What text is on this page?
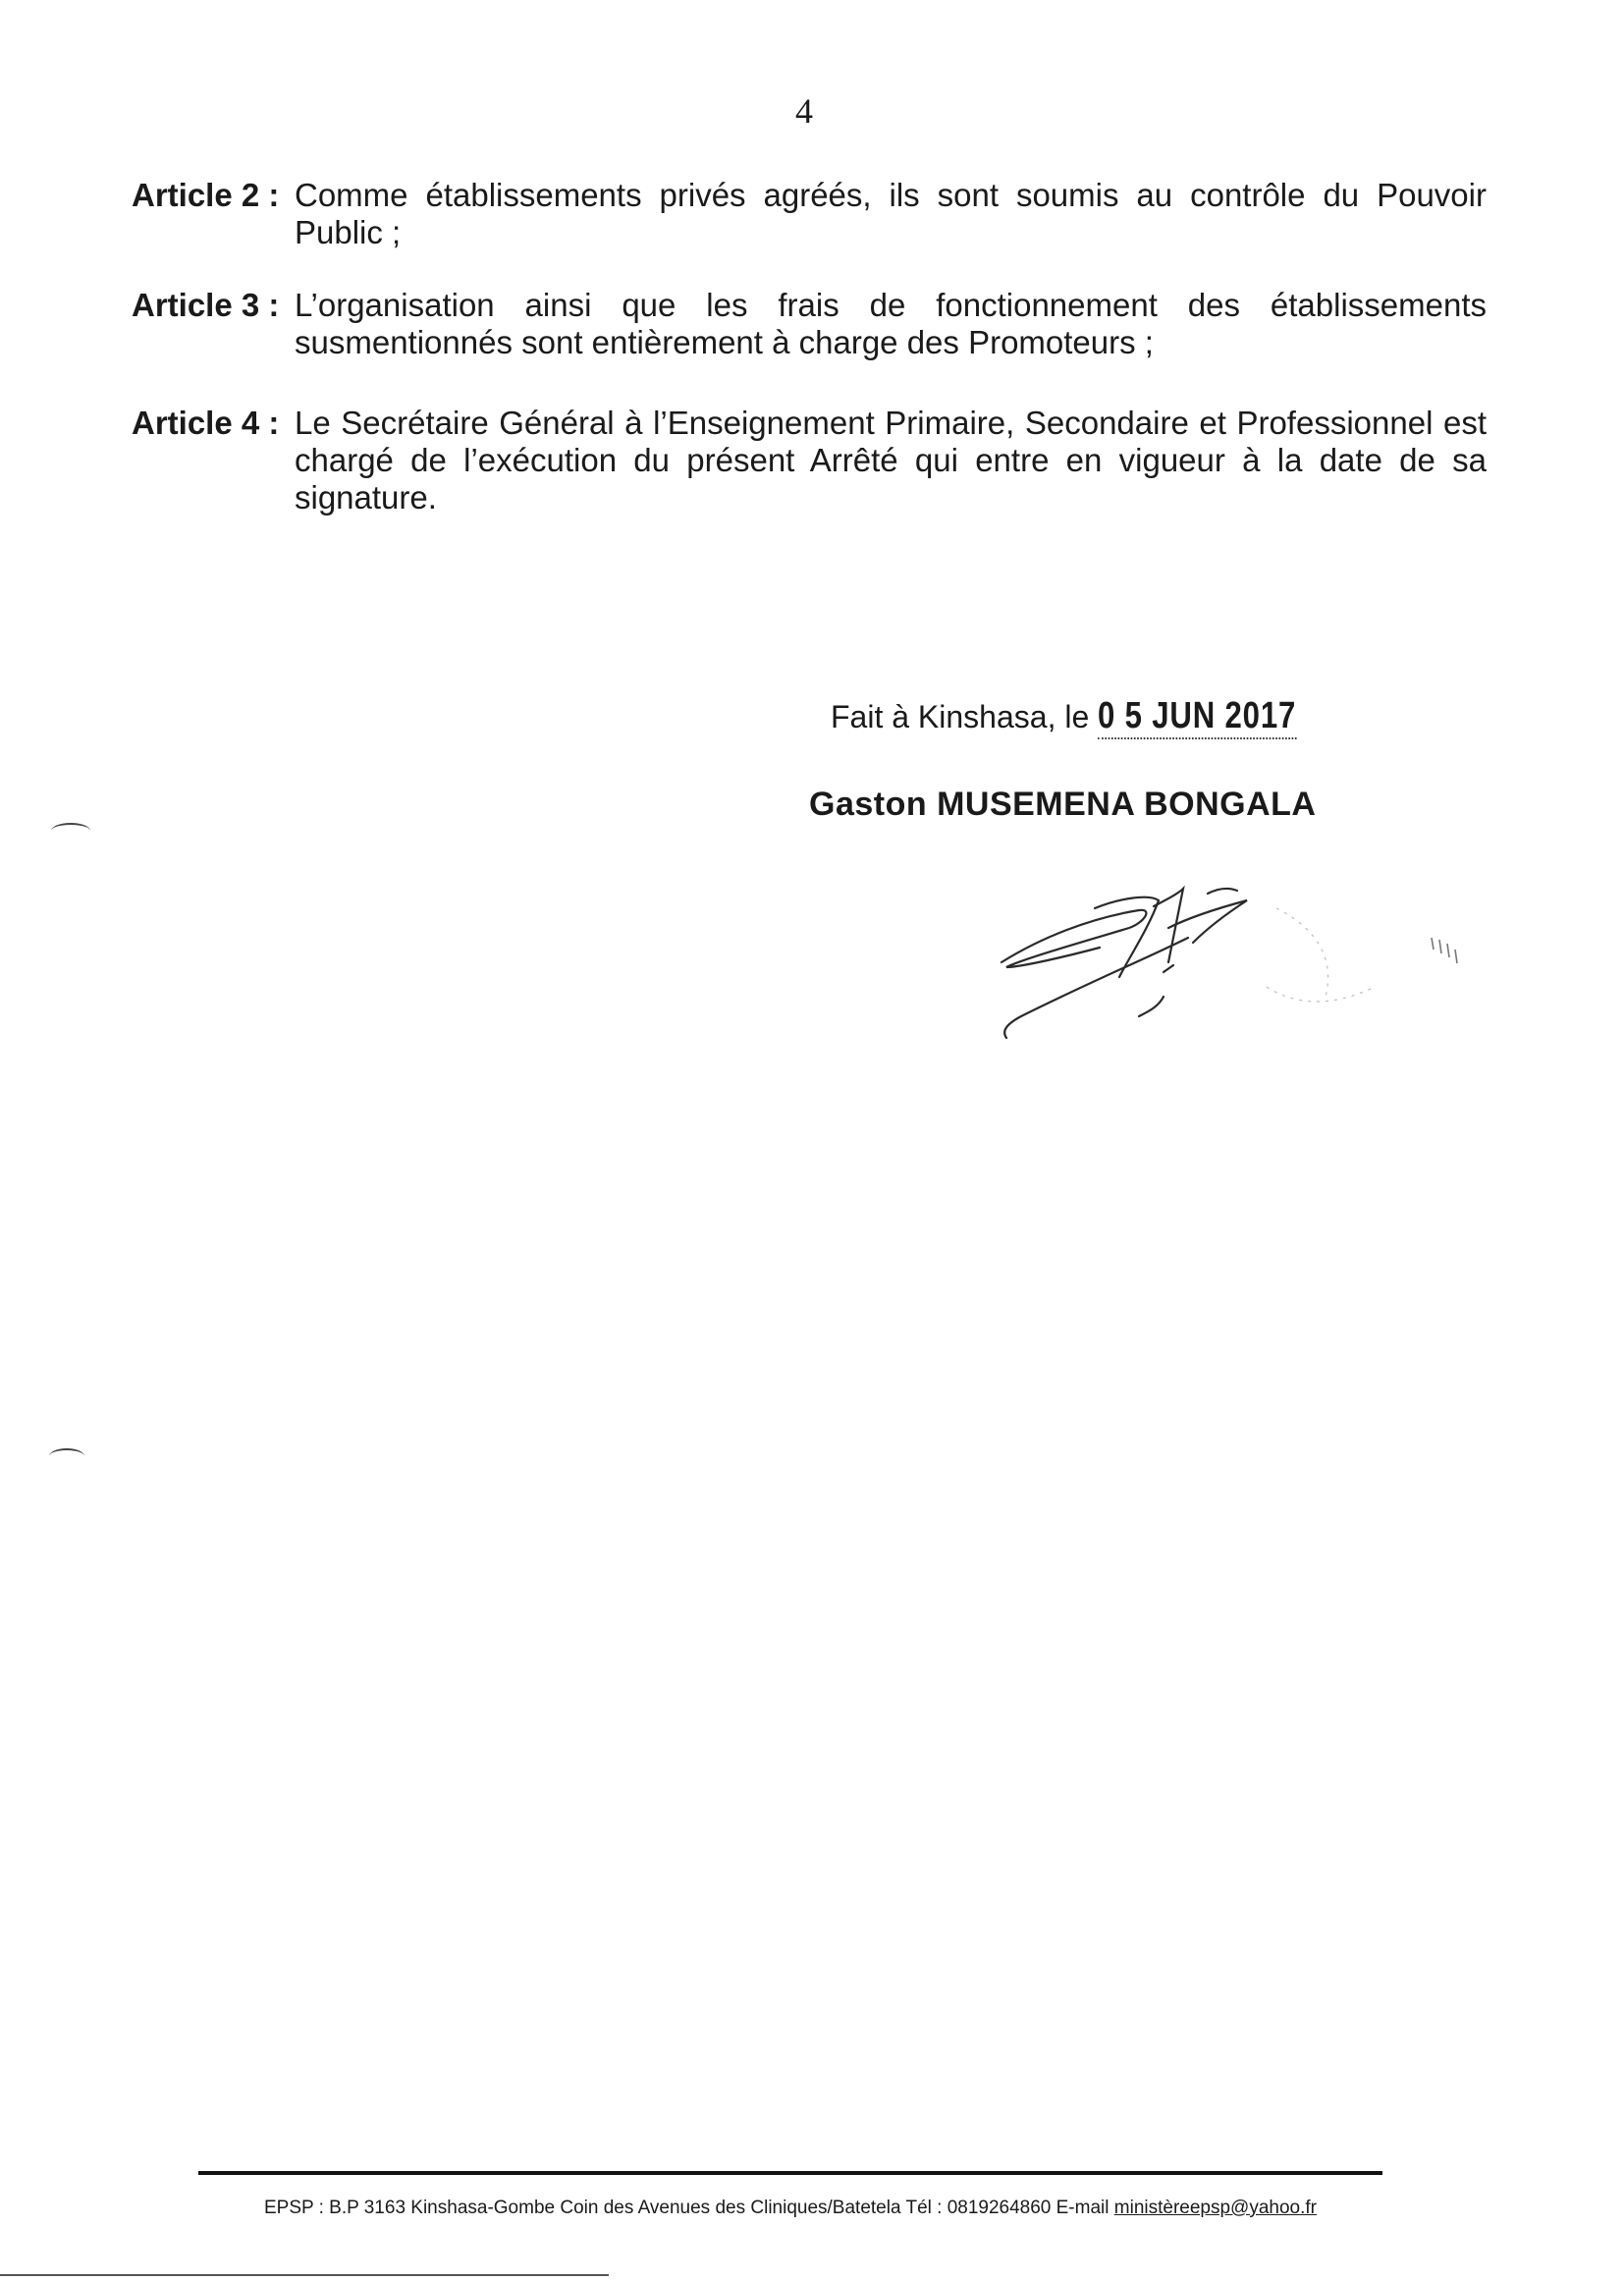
4
Article 2 : Comme établissements privés agréés, ils sont soumis au contrôle du Pouvoir Public ;
Article 3 : L’organisation ainsi que les frais de fonctionnement des établissements susmentionnés sont entièrement à charge des Promoteurs ;
Article 4 : Le Secrétaire Général à l’Enseignement Primaire, Secondaire et Professionnel est chargé de l’exécution du présent Arrêté qui entre en vigueur à la date de sa signature.
Fait à Kinshasa, le 0 5 JUN 2017
Gaston MUSEMENA BONGALA
EPSP : B.P 3163 Kinshasa-Gombe Coin des Avenues des Cliniques/Batetela Tél : 0819264860 E-mail ministèreepsp@yahoo.fr
